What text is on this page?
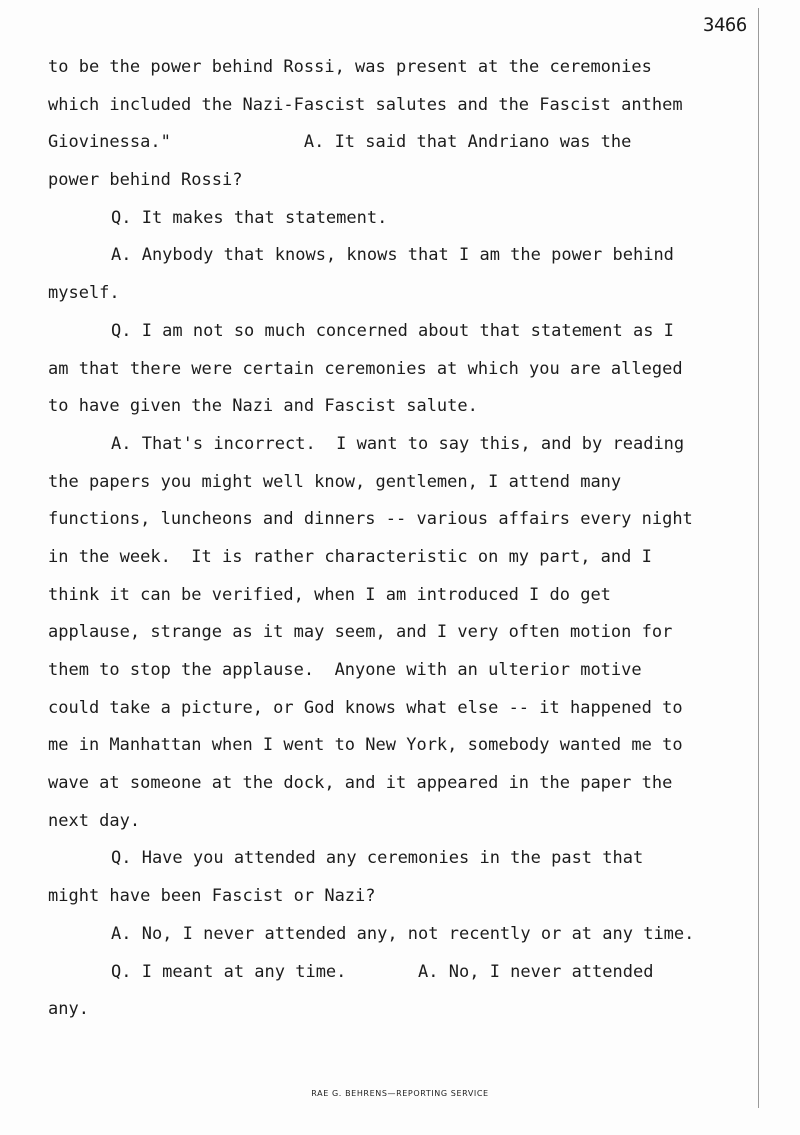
3466
to be the power behind Rossi, was present at the ceremonies
which included the Nazi-Fascist salutes and the Fascist anthem
Giovinessa."             A. It said that Andriano was the
power behind Rossi?
Q. It makes that statement.
A. Anybody that knows, knows that I am the power behind
myself.
Q. I am not so much concerned about that statement as I
am that there were certain ceremonies at which you are alleged
to have given the Nazi and Fascist salute.
A. That's incorrect.  I want to say this, and by reading
the papers you might well know, gentlemen, I attend many
functions, luncheons and dinners -- various affairs every night
in the week.  It is rather characteristic on my part, and I
think it can be verified, when I am introduced I do get
applause, strange as it may seem, and I very often motion for
them to stop the applause.  Anyone with an ulterior motive
could take a picture, or God knows what else -- it happened to
me in Manhattan when I went to New York, somebody wanted me to
wave at someone at the dock, and it appeared in the paper the
next day.
Q. Have you attended any ceremonies in the past that
might have been Fascist or Nazi?
A. No, I never attended any, not recently or at any time.
Q. I meant at any time.       A. No, I never attended
any.
RAE G. BEHRENS—REPORTING SERVICE
